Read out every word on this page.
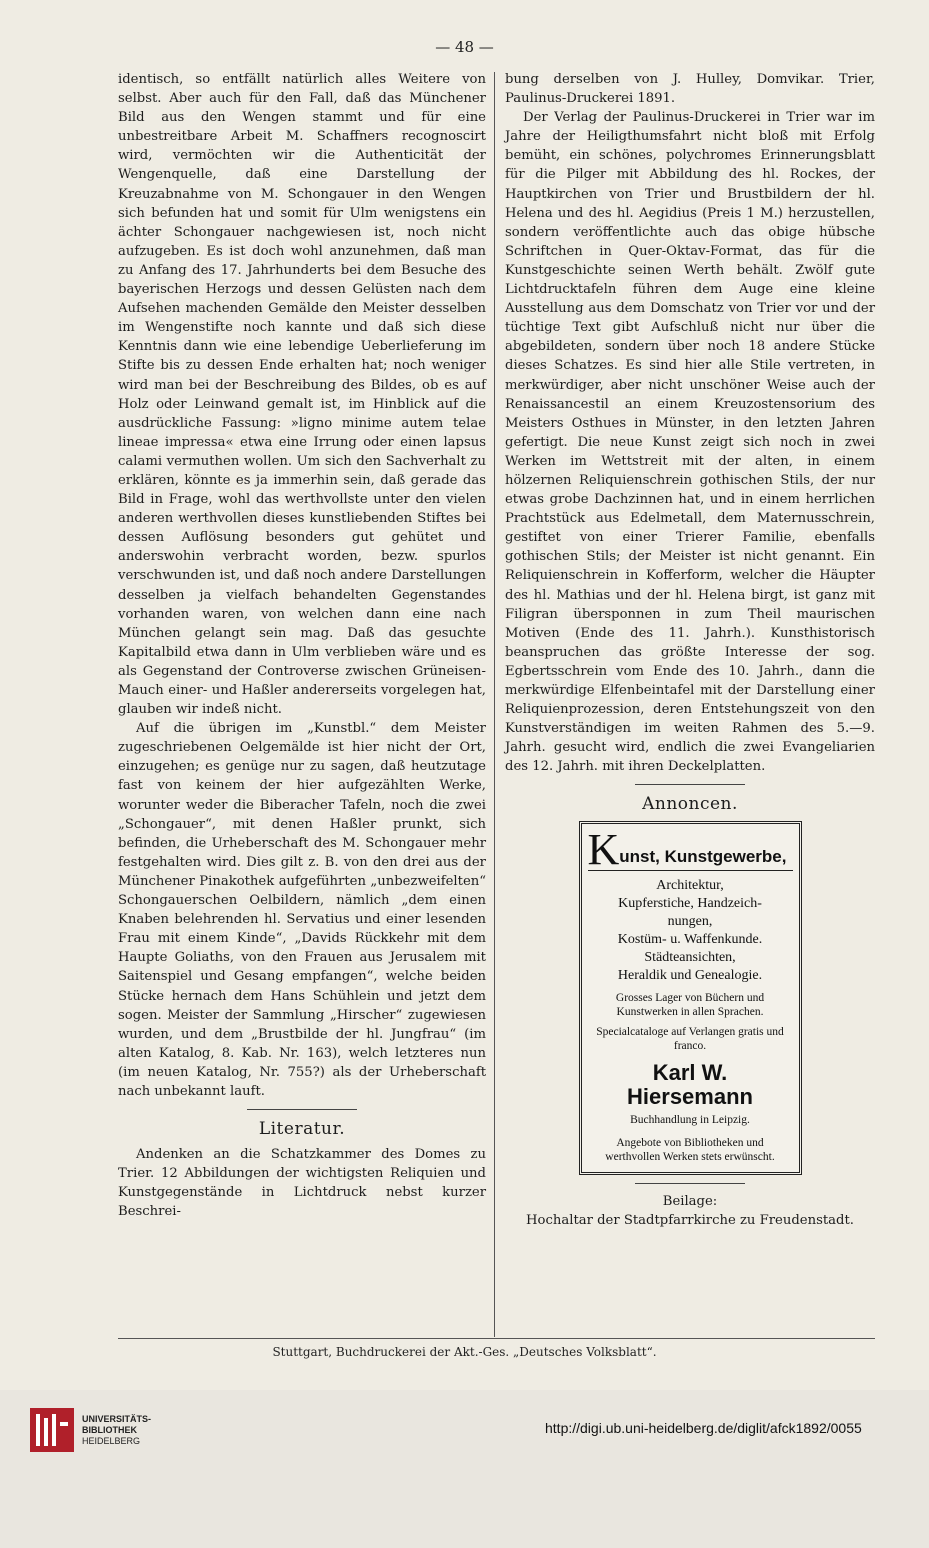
— 48 —

identisch, so entfällt natürlich alles Weitere von selbst. Aber auch für den Fall, daß das Münchener Bild aus den Wengen stammt und für eine unbestreitbare Arbeit M. Schaffners recognoscirt wird, vermöchten wir die Authenticität der Wengenquelle, daß eine Darstellung der Kreuzabnahme von M. Schongauer in den Wengen sich befunden hat und somit für Ulm wenigstens ein ächter Schongauer nachgewiesen ist, noch nicht aufzugeben. Es ist doch wohl anzunehmen, daß man zu Anfang des 17. Jahrhunderts bei dem Besuche des bayerischen Herzogs und dessen Gelüsten nach dem Aufsehen machenden Gemälde den Meister desselben im Wengenstifte noch kannte und daß sich diese Kenntnis dann wie eine lebendige Ueberlieferung im Stifte bis zu dessen Ende erhalten hat; noch weniger wird man bei der Beschreibung des Bildes, ob es auf Holz oder Leinwand gemalt ist, im Hinblick auf die ausdrückliche Fassung: »ligno minime autem telae lineae impressa« etwa eine Irrung oder einen lapsus calami vermuthen wollen. Um sich den Sachverhalt zu erklären, könnte es ja immerhin sein, daß gerade das Bild in Frage, wohl das werthvollste unter den vielen anderen werthvollen dieses kunstliebenden Stiftes bei dessen Auflösung besonders gut gehütet und anderswohin verbracht worden, bezw. spurlos verschwunden ist, und daß noch andere Darstellungen desselben ja vielfach behandelten Gegenstandes vorhanden waren, von welchen dann eine nach München gelangt sein mag. Daß das gesuchte Kapitalbild etwa dann in Ulm verblieben wäre und es als Gegenstand der Controverse zwischen Grüneisen-Mauch einer- und Haßler andererseits vorgelegen hat, glauben wir indeß nicht.

Auf die übrigen im „Kunstbl.“ dem Meister zugeschriebenen Oelgemälde ist hier nicht der Ort, einzugehen; es genüge nur zu sagen, daß heutzutage fast von keinem der hier aufgezählten Werke, worunter weder die Biberacher Tafeln, noch die zwei „Schongauer“, mit denen Haßler prunkt, sich befinden, die Urheberschaft des M. Schongauer mehr festgehalten wird. Dies gilt z. B. von den drei aus der Münchener Pinakothek aufgeführten „unbezweifelten“ Schongauerschen Oelbildern, nämlich „dem einen Knaben belehrenden hl. Servatius und einer lesenden Frau mit einem Kinde“, „Davids Rückkehr mit dem Haupte Goliaths, von den Frauen aus Jerusalem mit Saitenspiel und Gesang empfangen“, welche beiden Stücke hernach dem Hans Schühlein und jetzt dem sogen. Meister der Sammlung „Hirscher“ zugewiesen wurden, und dem „Brustbilde der hl. Jungfrau“ (im alten Katalog, 8. Kab. Nr. 163), welch letzteres nun (im neuen Katalog, Nr. 755?) als der Urheberschaft nach unbekannt lauft.

Literatur.

Andenken an die Schatzkammer des Domes zu Trier. 12 Abbildungen der wichtigsten Reliquien und Kunstgegenstände in Lichtdruck nebst kurzer Beschrei-

bung derselben von J. Hulley, Domvikar. Trier, Paulinus-Druckerei 1891.

Der Verlag der Paulinus-Druckerei in Trier war im Jahre der Heiligthumsfahrt nicht bloß mit Erfolg bemüht, ein schönes, polychromes Erinnerungsblatt für die Pilger mit Abbildung des hl. Rockes, der Hauptkirchen von Trier und Brustbildern der hl. Helena und des hl. Aegidius (Preis 1 M.) herzustellen, sondern veröffentlichte auch das obige hübsche Schriftchen in Quer-Oktav-Format, das für die Kunstgeschichte seinen Werth behält. Zwölf gute Lichtdrucktafeln führen dem Auge eine kleine Ausstellung aus dem Domschatz von Trier vor und der tüchtige Text gibt Aufschluß nicht nur über die abgebildeten, sondern über noch 18 andere Stücke dieses Schatzes. Es sind hier alle Stile vertreten, in merkwürdiger, aber nicht unschöner Weise auch der Renaissancestil an einem Kreuzostensorium des Meisters Osthues in Münster, in den letzten Jahren gefertigt. Die neue Kunst zeigt sich noch in zwei Werken im Wettstreit mit der alten, in einem hölzernen Reliquienschrein gothischen Stils, der nur etwas grobe Dachzinnen hat, und in einem herrlichen Prachtstück aus Edelmetall, dem Maternusschrein, gestiftet von einer Trierer Familie, ebenfalls gothischen Stils; der Meister ist nicht genannt. Ein Reliquienschrein in Kofferform, welcher die Häupter des hl. Mathias und der hl. Helena birgt, ist ganz mit Filigran übersponnen in zum Theil maurischen Motiven (Ende des 11. Jahrh.). Kunsthistorisch beanspruchen das größte Interesse der sog. Egbertsschrein vom Ende des 10. Jahrh., dann die merkwürdige Elfenbeintafel mit der Darstellung einer Reliquienprozession, deren Entstehungszeit von den Kunstverständigen im weiten Rahmen des 5.—9. Jahrh. gesucht wird, endlich die zwei Evangeliarien des 12. Jahrh. mit ihren Deckelplatten.

Annoncen.
K unst, Kunstgewerbe,
Architektur,
Kupferstiche, Handzeich-
nungen,
Kostüm- u. Waffenkunde.
Städteansichten,
Heraldik und Genealogie.
Grosses Lager von Büchern und Kunstwerken in allen Sprachen.
Specialcataloge auf Verlangen gratis und franco.
Karl W. Hiersemann
Buchhandlung in Leipzig.
Angebote von Bibliotheken und werthvollen Werken stets erwünscht.
Beilage:
Hochaltar der Stadtpfarrkirche zu Freudenstadt.
Stuttgart, Buchdruckerei der Akt.-Ges. „Deutsches Volksblatt“.
UNIVERSITÄTS-
BIBLIOTHEK
HEIDELBERG
http://digi.ub.uni-heidelberg.de/diglit/afck1892/0055
